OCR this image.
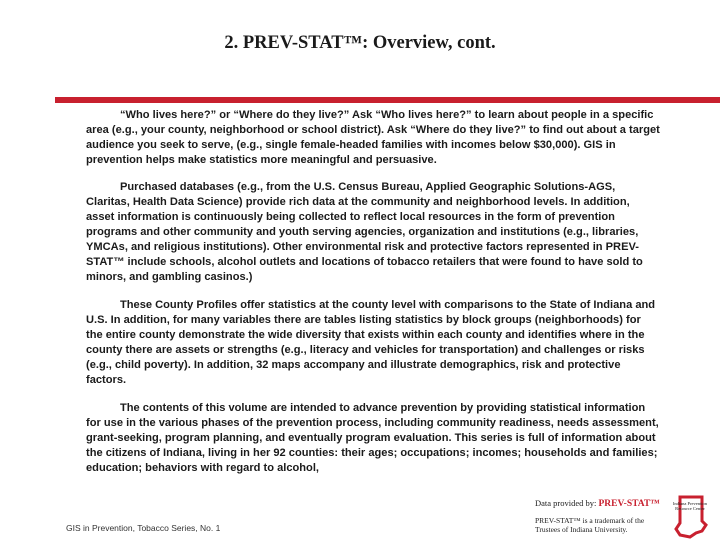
2. PREV-STAT™: Overview, cont.

“Who lives here?” or “Where do they live?” Ask “Who lives here?” to learn about people in a specific area (e.g., your county, neighborhood or school district). Ask “Where do they live?” to find out about a target audience you seek to serve, (e.g., single female-headed families with incomes below $30,000). GIS in prevention helps make statistics more meaningful and persuasive.

Purchased databases (e.g., from the U.S. Census Bureau, Applied Geographic Solutions-AGS, Claritas, Health Data Science) provide rich data at the community and neighborhood levels. In addition, asset information is continuously being collected to reflect local resources in the form of prevention programs and other community and youth serving agencies, organization and institutions (e.g., libraries, YMCAs, and religious institutions). Other environmental risk and protective factors represented in PREV-STAT™ include schools, alcohol outlets and locations of tobacco retailers that were found to have sold to minors, and gambling casinos.)

These County Profiles offer statistics at the county level with comparisons to the State of Indiana and U.S. In addition, for many variables there are tables listing statistics by block groups (neighborhoods) for the entire county demonstrate the wide diversity that exists within each county and identifies where in the county there are assets or strengths (e.g., literacy and vehicles for transportation) and challenges or risks (e.g., child poverty). In addition, 32 maps accompany and illustrate demographics, risk and protective factors.

The contents of this volume are intended to advance prevention by providing statistical information for use in the various phases of the prevention process, including community readiness, needs assessment, grant-seeking, program planning, and eventually program evaluation. This series is full of information about the citizens of Indiana, living in her 92 counties: their ages; occupations; incomes; households and families; education; behaviors with regard to alcohol,

GIS in Prevention, Tobacco Series, No. 1
Data provided by: PREV-STAT™
PREV-STAT™ is a trademark of the Trustees of Indiana University.
Indiana Prevention Resource Center
